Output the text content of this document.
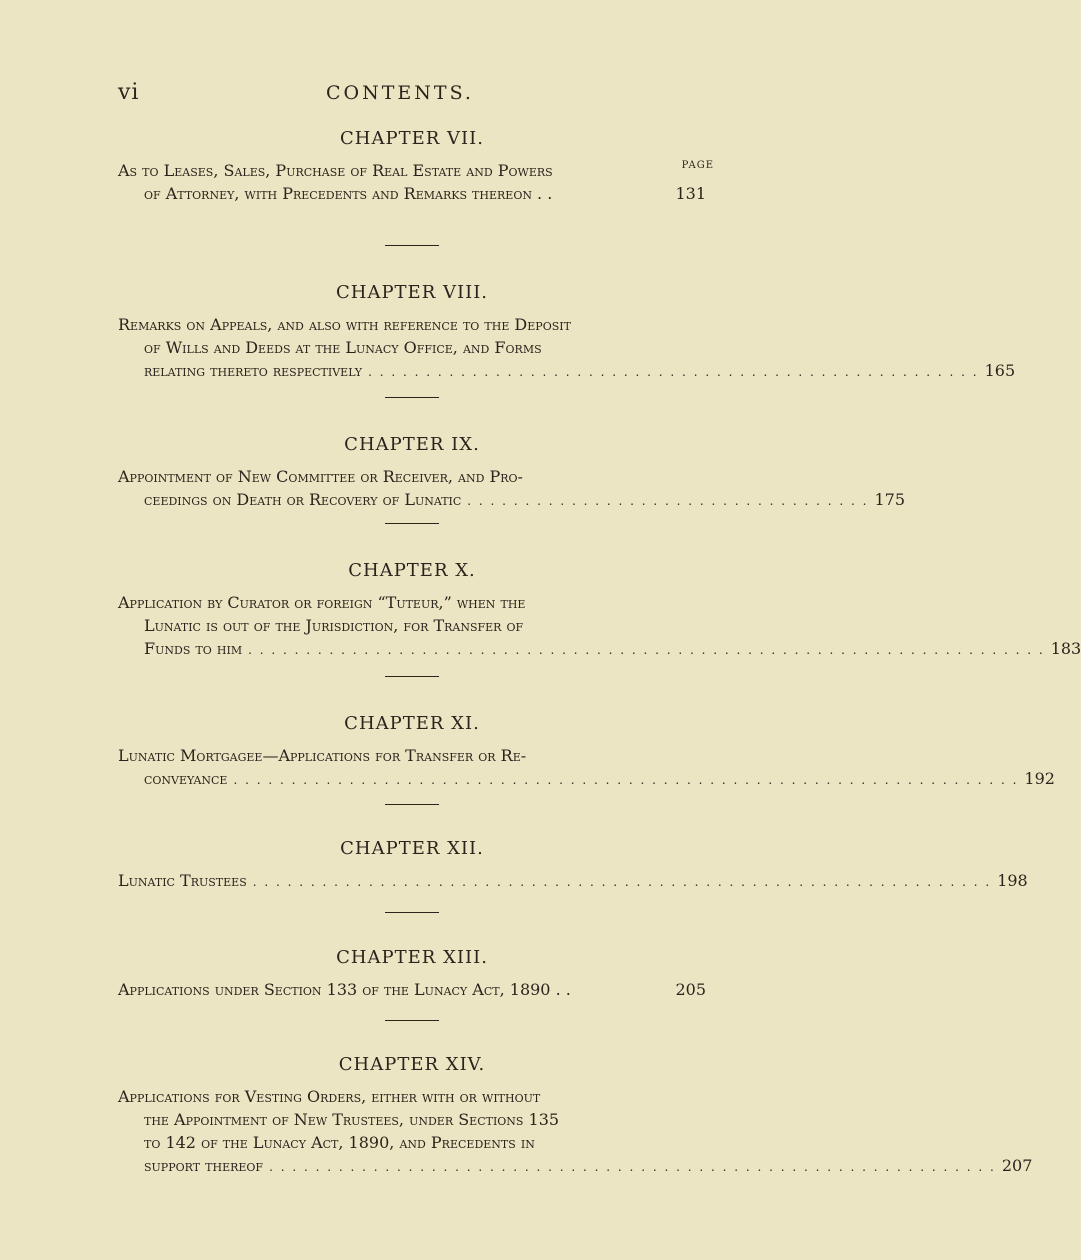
vi	CONTENTS.
PAGE
CHAPTER VII.
As to Leases, Sales, Purchase of Real Estate and Powers
of Attorney, with Precedents and Remarks thereon . .	131
CHAPTER VIII.
Remarks on Appeals, and also with reference to the Deposit
of Wills and Deeds at the Lunacy Office, and Forms
relating thereto respectively . . . . . . . . . . . . . . . . . . . . . . . . . . . . . . . . . . . . . . . . . . . . . . . . . . . . . 165
CHAPTER IX.
Appointment of New Committee or Receiver, and Pro-
ceedings on Death or Recovery of Lunatic . . . . . . . . . . . . . . . . . . . . . . . . . . . . . . . . . . . 175
CHAPTER X.
Application by Curator or foreign “Tuteur,” when the
Lunatic is out of the Jurisdiction, for Transfer of
Funds to him . . . . . . . . . . . . . . . . . . . . . . . . . . . . . . . . . . . . . . . . . . . . . . . . . . . . . . . . . . . . . . . . . . . . . 183
CHAPTER XI.
Lunatic Mortgagee—Applications for Transfer or Re-
conveyance . . . . . . . . . . . . . . . . . . . . . . . . . . . . . . . . . . . . . . . . . . . . . . . . . . . . . . . . . . . . . . . . . . . . 192
CHAPTER XII.
Lunatic Trustees . . . . . . . . . . . . . . . . . . . . . . . . . . . . . . . . . . . . . . . . . . . . . . . . . . . . . . . . . . . . . . . . 198
CHAPTER XIII.
Applications under Section 133 of the Lunacy Act, 1890 . .	205
CHAPTER XIV.
Applications for Vesting Orders, either with or without
the Appointment of New Trustees, under Sections 135
to 142 of the Lunacy Act, 1890, and Precedents in
support thereof . . . . . . . . . . . . . . . . . . . . . . . . . . . . . . . . . . . . . . . . . . . . . . . . . . . . . . . . . . . . . . . 207
